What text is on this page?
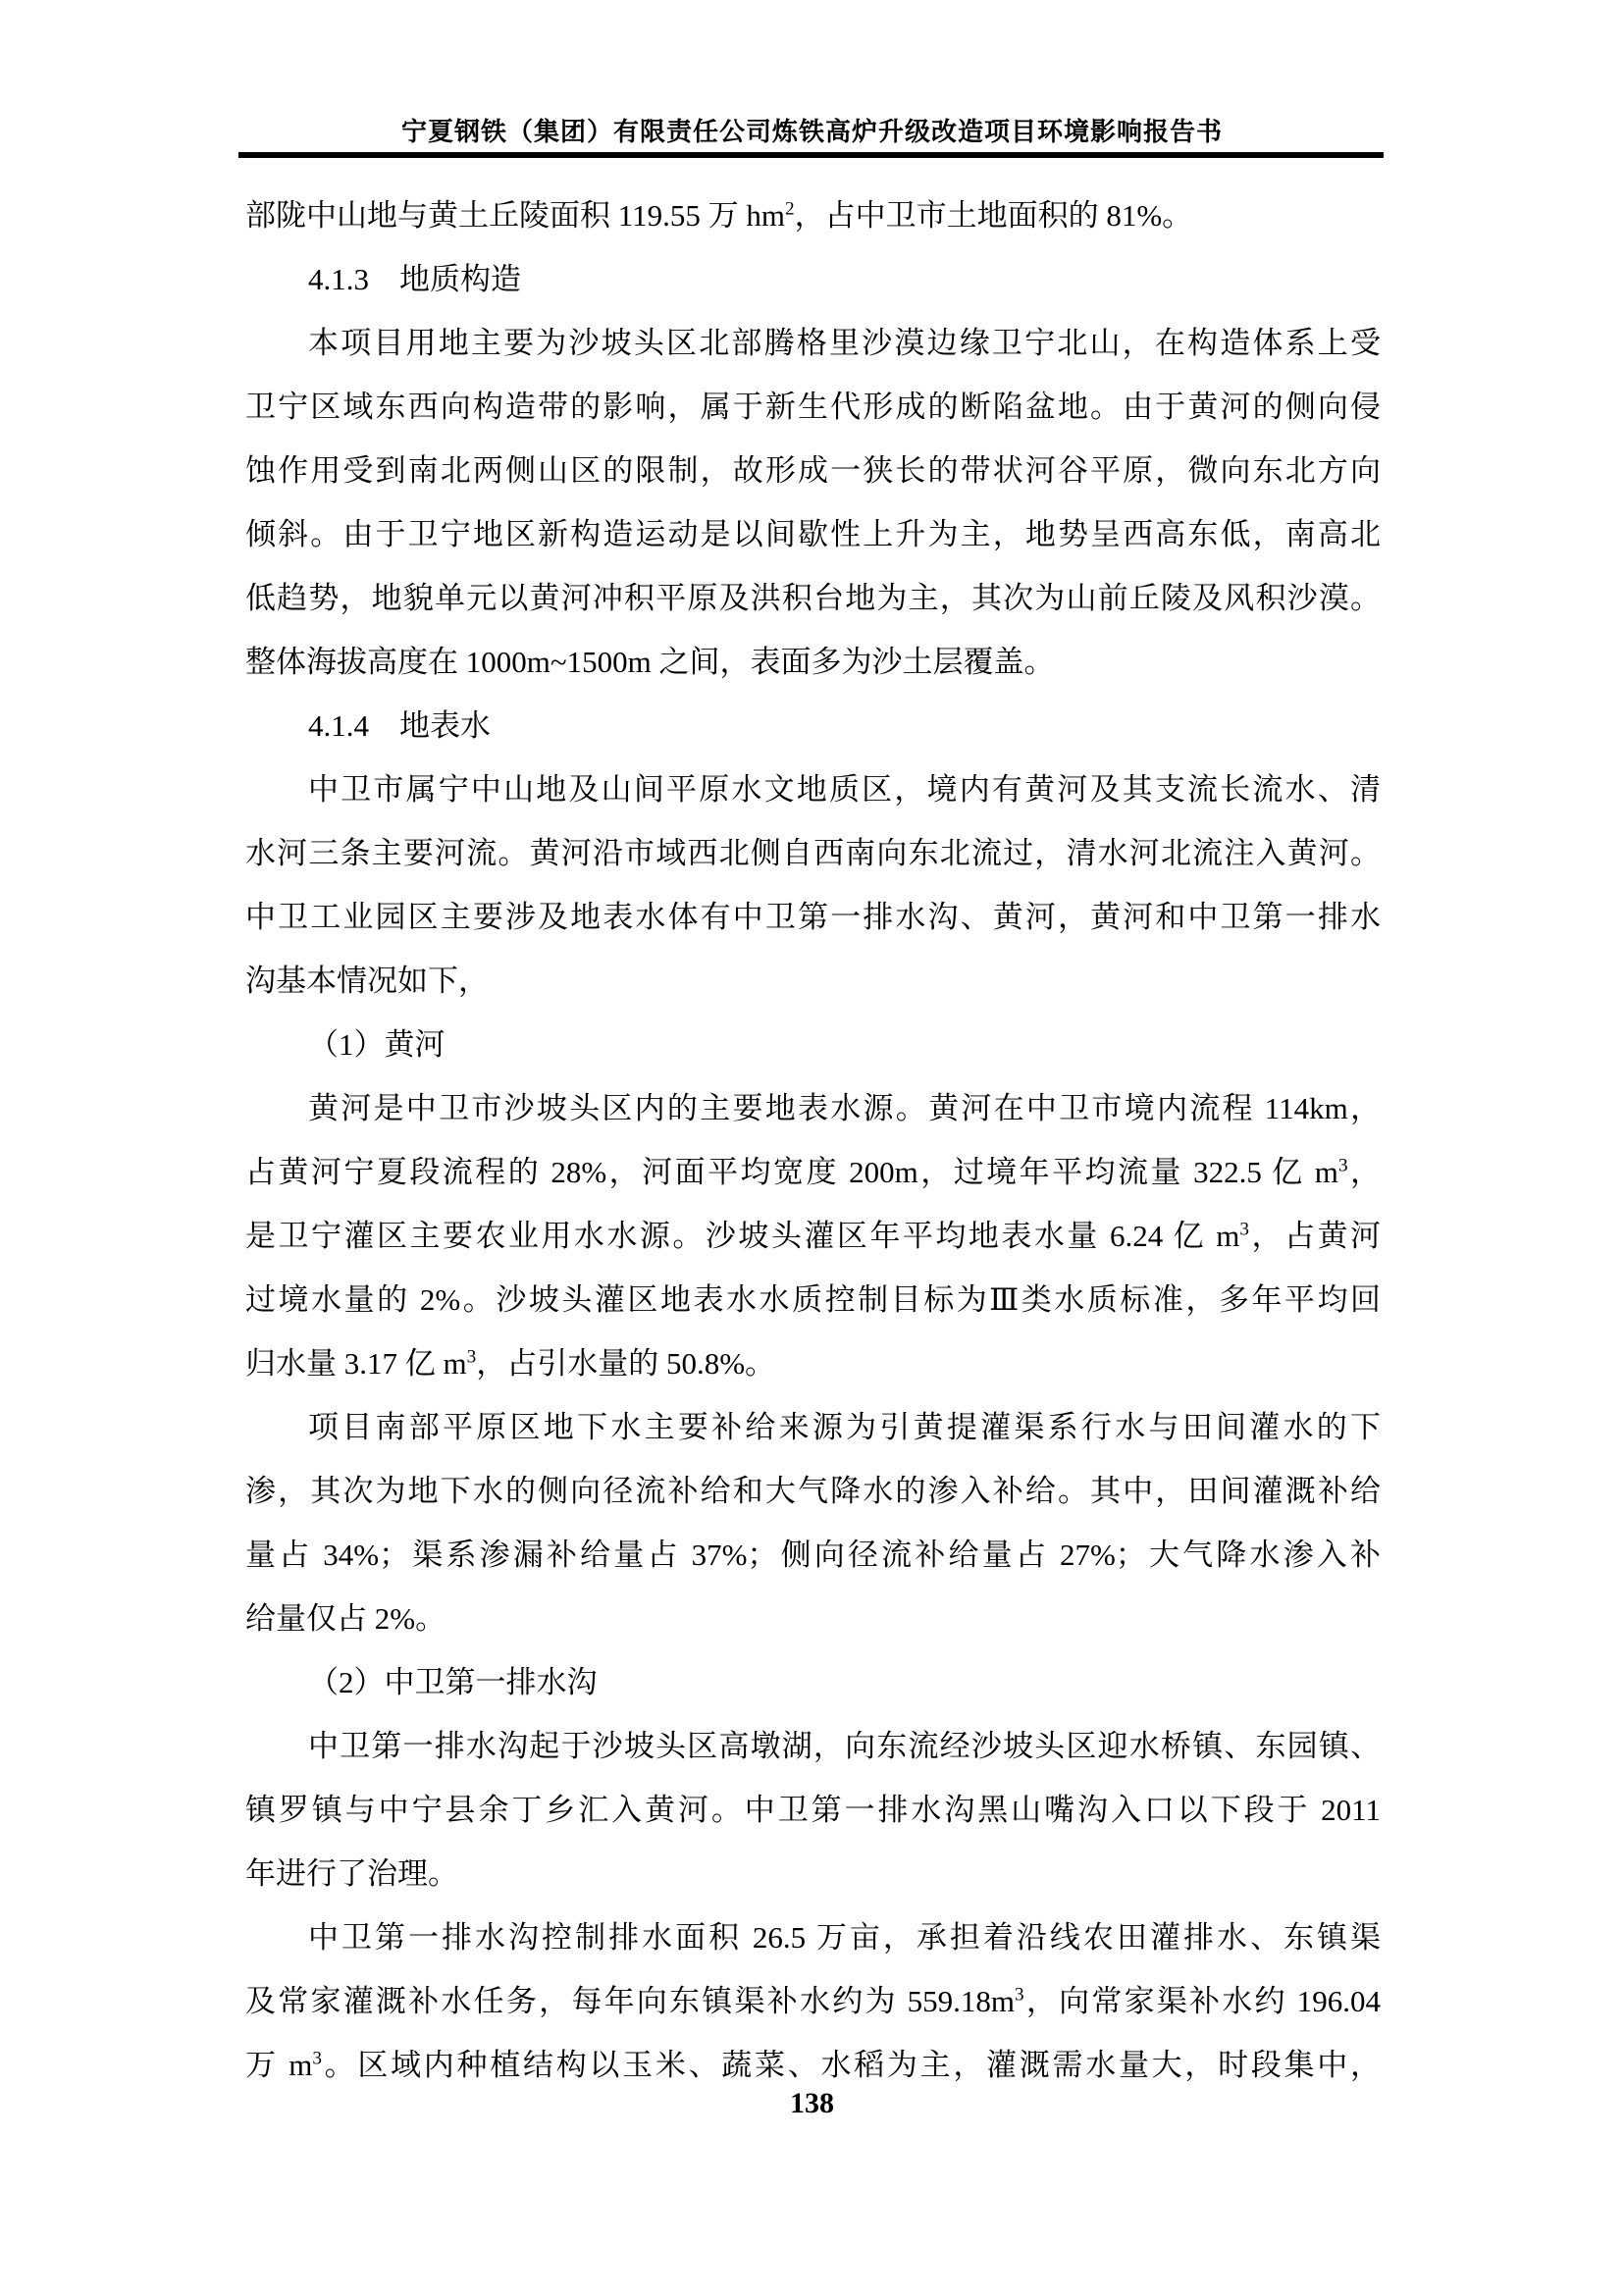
宁夏钢铁（集团）有限责任公司炼铁高炉升级改造项目环境影响报告书
部陇中山地与黄土丘陵面积 119.55 万 $hm^2$，占中卫市土地面积的 81%。
4.1.3　地质构造
本项目用地主要为沙坡头区北部腾格里沙漠边缘卫宁北山，在构造体系上受
卫宁区域东西向构造带的影响，属于新生代形成的断陷盆地。由于黄河的侧向侵
蚀作用受到南北两侧山区的限制，故形成一狭长的带状河谷平原，微向东北方向
倾斜。由于卫宁地区新构造运动是以间歇性上升为主，地势呈西高东低，南高北
低趋势，地貌单元以黄河冲积平原及洪积台地为主，其次为山前丘陵及风积沙漠。
整体海拔高度在 1000m~1500m 之间，表面多为沙土层覆盖。
4.1.4　地表水
中卫市属宁中山地及山间平原水文地质区，境内有黄河及其支流长流水、清
水河三条主要河流。黄河沿市域西北侧自西南向东北流过，清水河北流注入黄河。
中卫工业园区主要涉及地表水体有中卫第一排水沟、黄河，黄河和中卫第一排水
沟基本情况如下，
（1）黄河
黄河是中卫市沙坡头区内的主要地表水源。黄河在中卫市境内流程 114km，
占黄河宁夏段流程的 28%，河面平均宽度 200m，过境年平均流量 322.5 亿 $m^3$，
是卫宁灌区主要农业用水水源。沙坡头灌区年平均地表水量 6.24 亿 $m^3$，占黄河
过境水量的 2%。沙坡头灌区地表水水质控制目标为Ⅲ类水质标准，多年平均回
归水量 3.17 亿 $m^3$，占引水量的 50.8%。
项目南部平原区地下水主要补给来源为引黄提灌渠系行水与田间灌水的下
渗，其次为地下水的侧向径流补给和大气降水的渗入补给。其中，田间灌溉补给
量占 34%；渠系渗漏补给量占 37%；侧向径流补给量占 27%；大气降水渗入补
给量仅占 2%。
（2）中卫第一排水沟
中卫第一排水沟起于沙坡头区高墩湖，向东流经沙坡头区迎水桥镇、东园镇、
镇罗镇与中宁县余丁乡汇入黄河。中卫第一排水沟黑山嘴沟入口以下段于 2011
年进行了治理。
中卫第一排水沟控制排水面积 26.5 万亩，承担着沿线农田灌排水、东镇渠
及常家灌溉补水任务，每年向东镇渠补水约为 $559.18m^3$，向常家渠补水约 196.04
万 $m^3$。区域内种植结构以玉米、蔬菜、水稻为主，灌溉需水量大，时段集中，
138
